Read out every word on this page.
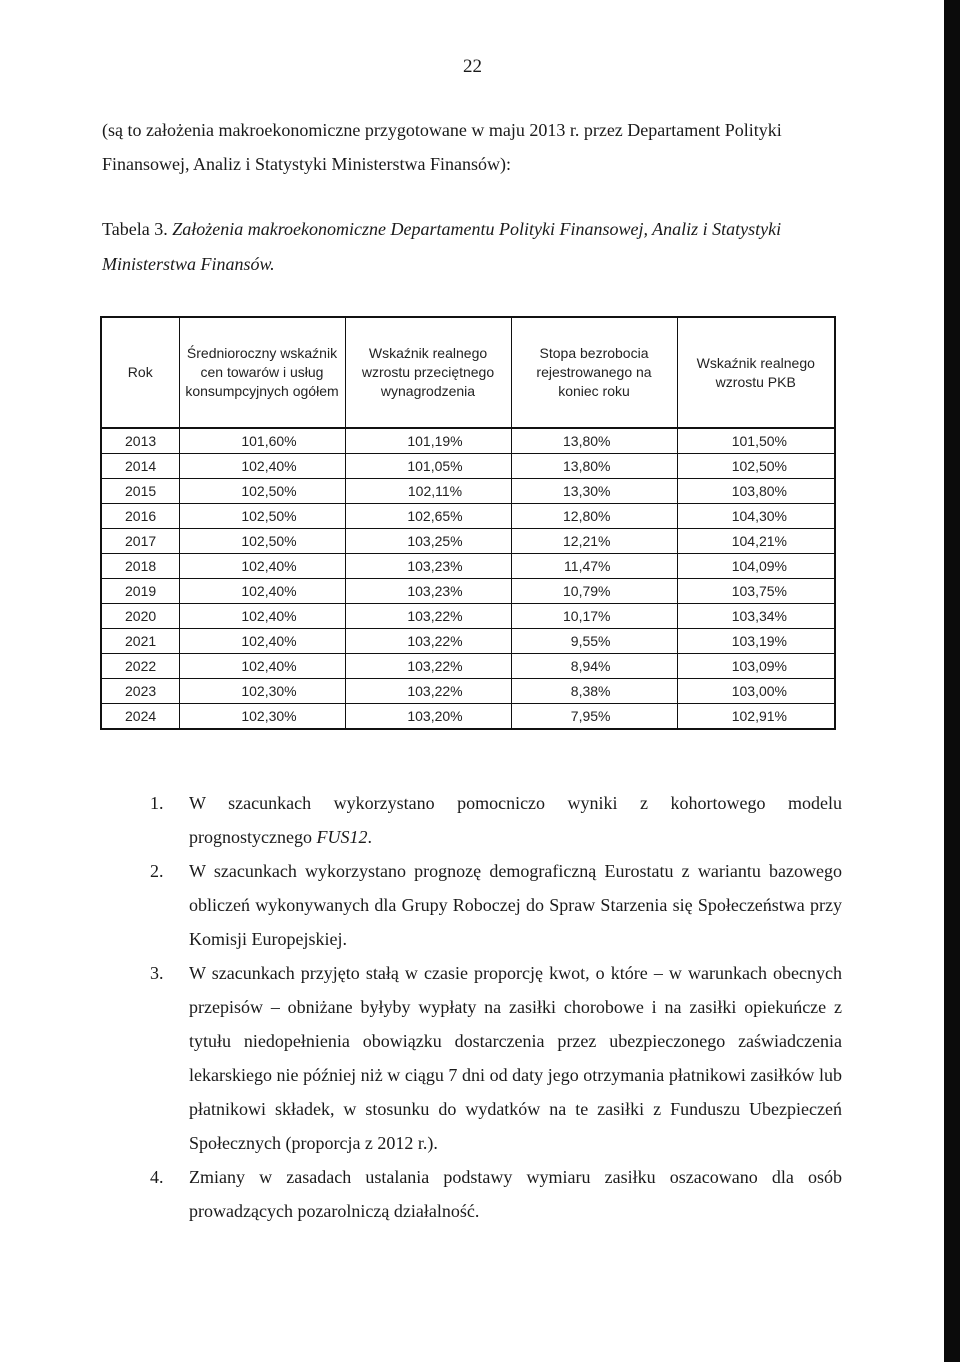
22

(są to założenia makroekonomiczne przygotowane w maju 2013 r. przez Departament Polityki Finansowej, Analiz i Statystyki Ministerstwa Finansów):

Tabela 3. Założenia makroekonomiczne Departamentu Polityki Finansowej, Analiz i Statystyki Ministerstwa Finansów.

Rok	Średnioroczny wskaźnik cen towarów i usług konsumpcyjnych ogółem	Wskaźnik realnego wzrostu przeciętnego wynagrodzenia	Stopa bezrobocia rejestrowanego na koniec roku	Wskaźnik realnego wzrostu PKB
2013	101,60%	101,19%	13,80%	101,50%
2014	102,40%	101,05%	13,80%	102,50%
2015	102,50%	102,11%	13,30%	103,80%
2016	102,50%	102,65%	12,80%	104,30%
2017	102,50%	103,25%	12,21%	104,21%
2018	102,40%	103,23%	11,47%	104,09%
2019	102,40%	103,23%	10,79%	103,75%
2020	102,40%	103,22%	10,17%	103,34%
2021	102,40%	103,22%	9,55%	103,19%
2022	102,40%	103,22%	8,94%	103,09%
2023	102,30%	103,22%	8,38%	103,00%
2024	102,30%	103,20%	7,95%	102,91%
1. W szacunkach wykorzystano pomocniczo wyniki z kohortowego modelu prognostycznego FUS12.
2. W szacunkach wykorzystano prognozę demograficzną Eurostatu z wariantu bazowego obliczeń wykonywanych dla Grupy Roboczej do Spraw Starzenia się Społeczeństwa przy Komisji Europejskiej.
3. W szacunkach przyjęto stałą w czasie proporcję kwot, o które – w warunkach obecnych przepisów – obniżane byłyby wypłaty na zasiłki chorobowe i na zasiłki opiekuńcze z tytułu niedopełnienia obowiązku dostarczenia przez ubezpieczonego zaświadczenia lekarskiego nie później niż w ciągu 7 dni od daty jego otrzymania płatnikowi zasiłków lub płatnikowi składek, w stosunku do wydatków na te zasiłki z Funduszu Ubezpieczeń Społecznych (proporcja z 2012 r.).
4. Zmiany w zasadach ustalania podstawy wymiaru zasiłku oszacowano dla osób prowadzących pozarolniczą działalność.
